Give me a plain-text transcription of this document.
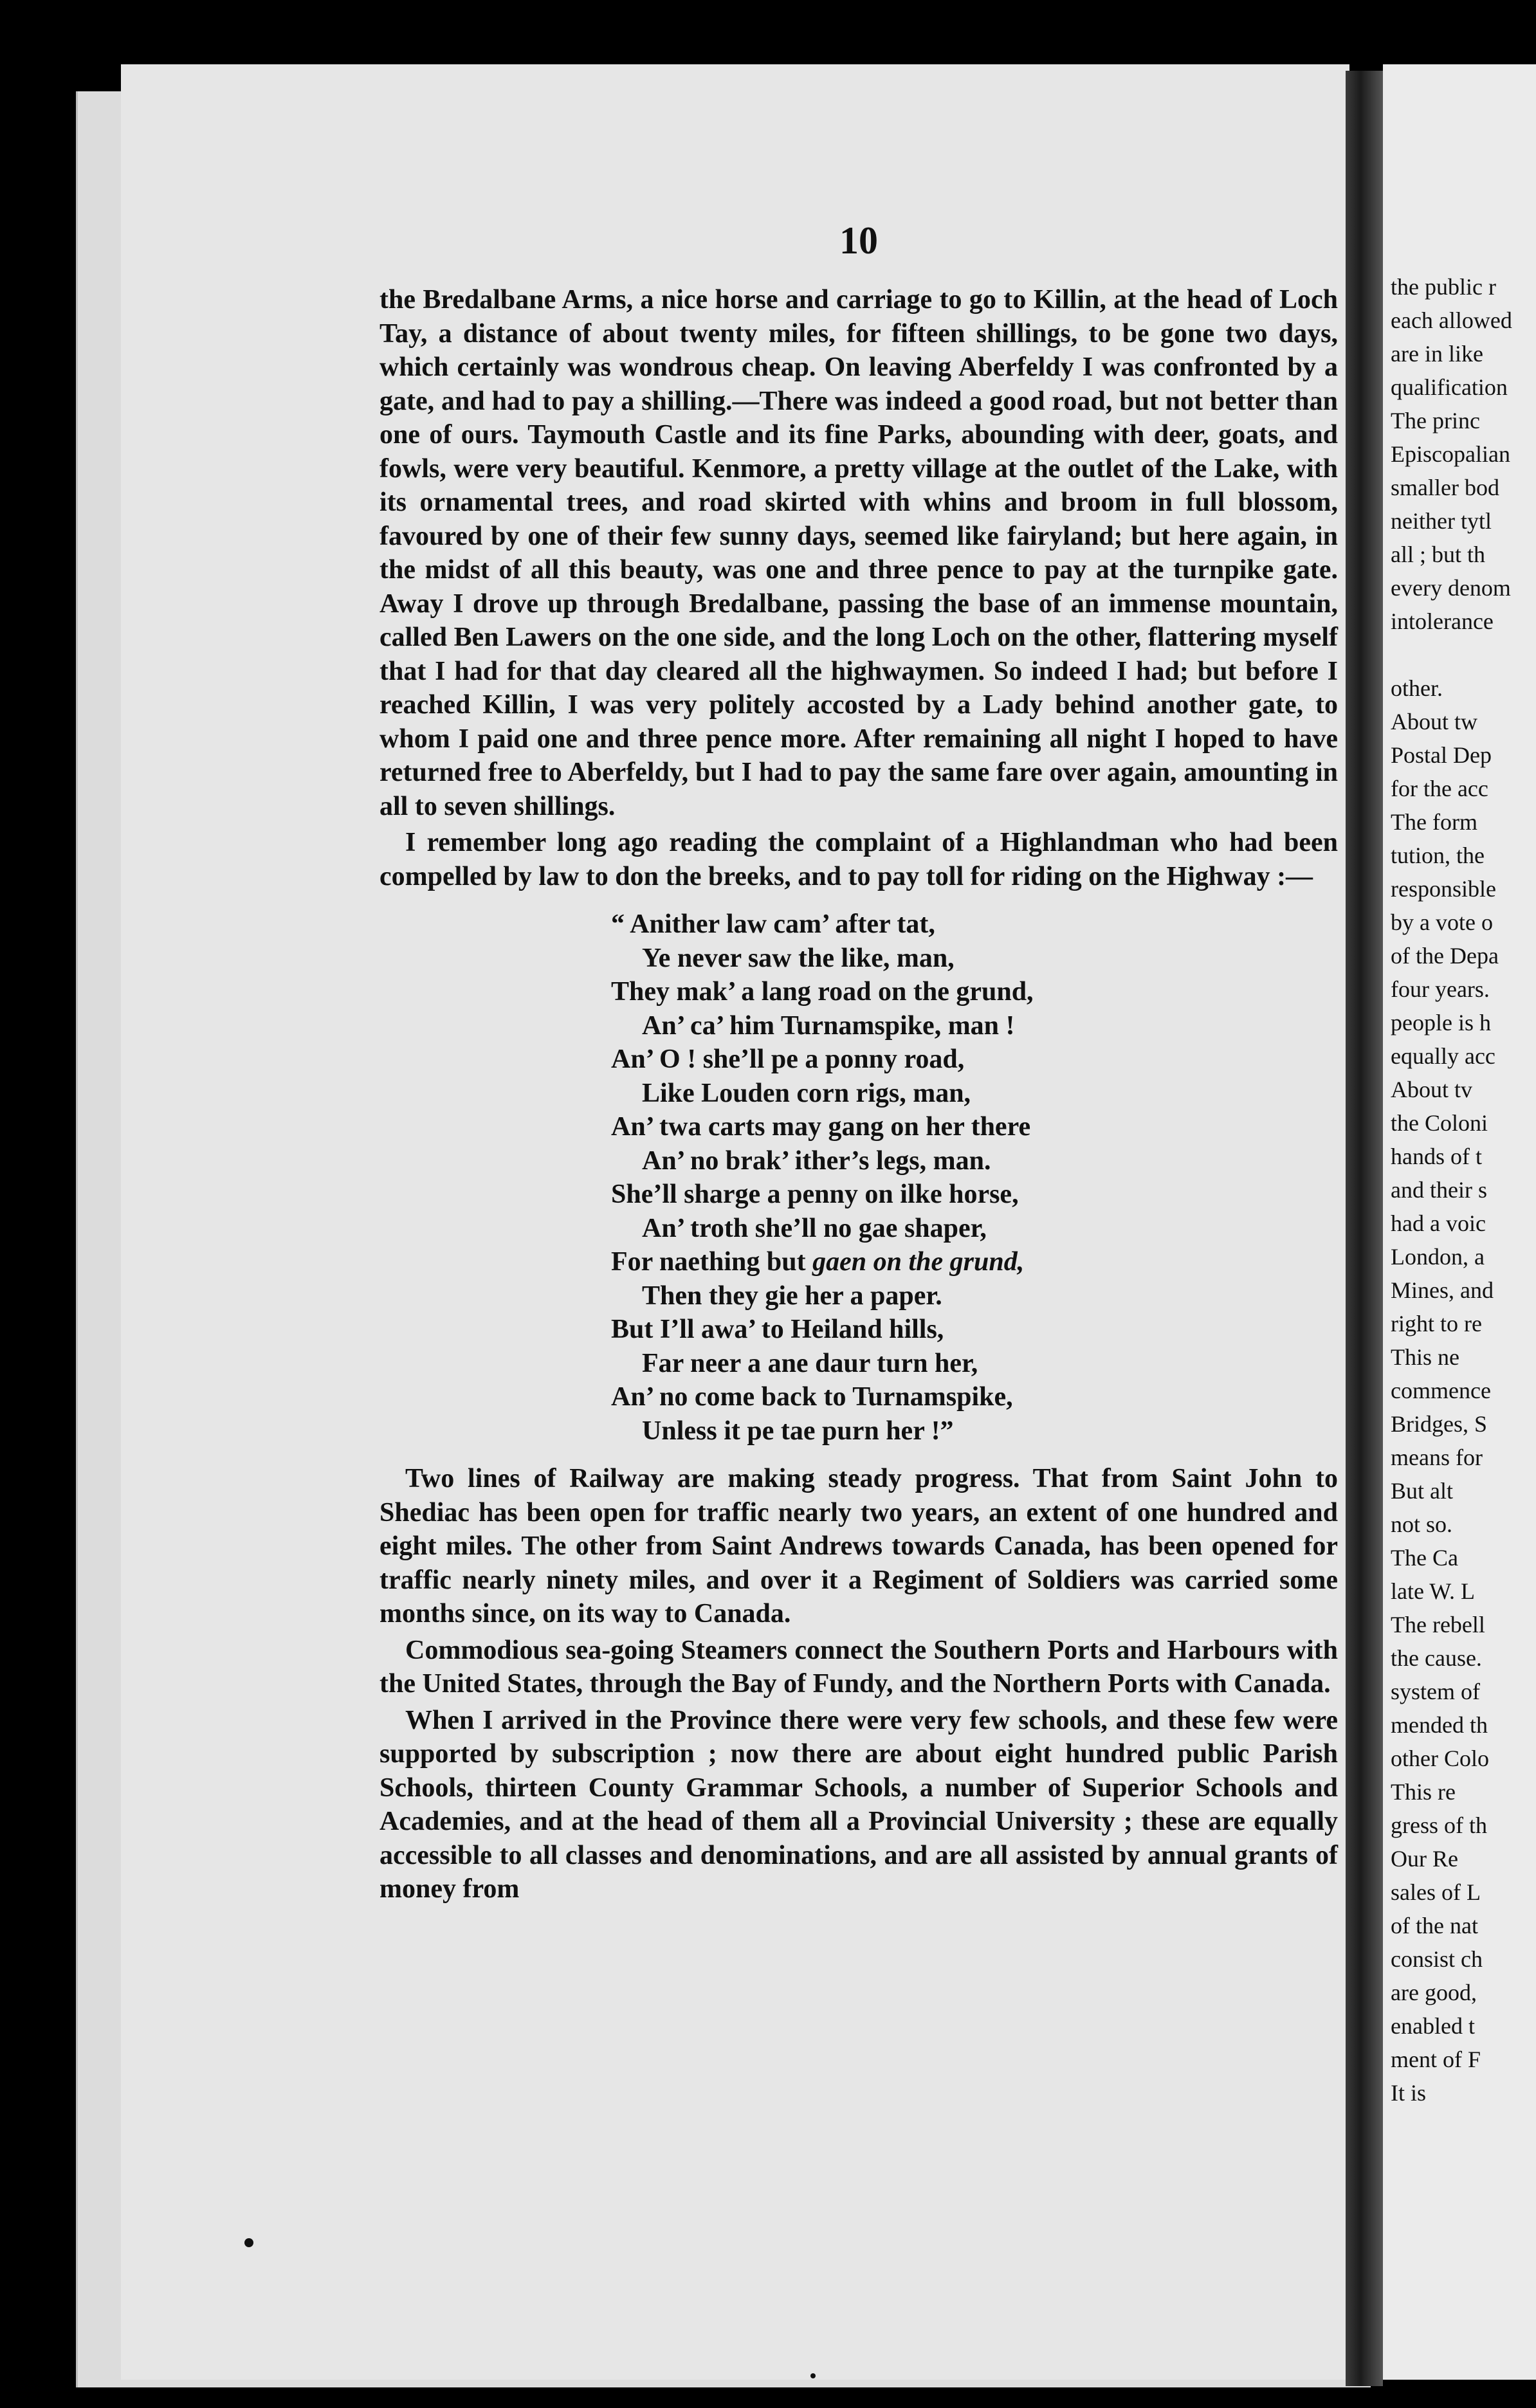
10

the Bredalbane Arms, a nice horse and carriage to go to Killin, at the head of Loch Tay, a distance of about twenty miles, for fifteen shillings, to be gone two days, which certainly was wondrous cheap. On leaving Aberfeldy I was confronted by a gate, and had to pay a shilling.—There was indeed a good road, but not better than one of ours. Taymouth Castle and its fine Parks, abounding with deer, goats, and fowls, were very beautiful. Kenmore, a pretty village at the outlet of the Lake, with its ornamental trees, and road skirted with whins and broom in full blossom, favoured by one of their few sunny days, seemed like fairyland; but here again, in the midst of all this beauty, was one and three pence to pay at the turnpike gate. Away I drove up through Bredalbane, passing the base of an immense mountain, called Ben Lawers on the one side, and the long Loch on the other, flattering myself that I had for that day cleared all the highwaymen. So indeed I had; but before I reached Killin, I was very politely accosted by a Lady behind another gate, to whom I paid one and three pence more. After remaining all night I hoped to have returned free to Aberfeldy, but I had to pay the same fare over again, amounting in all to seven shillings.

I remember long ago reading the complaint of a Highlandman who had been compelled by law to don the breeks, and to pay toll for riding on the Highway :—

“ Anither law cam’ after tat,
Ye never saw the like, man,
They mak’ a lang road on the grund,
An’ ca’ him Turnamspike, man !
An’ O ! she’ll pe a ponny road,
Like Louden corn rigs, man,
An’ twa carts may gang on her there
An’ no brak’ ither’s legs, man.
She’ll sharge a penny on ilke horse,
An’ troth she’ll no gae shaper,
For naething but gaen on the grund,
Then they gie her a paper.
But I’ll awa’ to Heiland hills,
Far neer a ane daur turn her,
An’ no come back to Turnamspike,
Unless it pe tae purn her !”

Two lines of Railway are making steady progress. That from Saint John to Shediac has been open for traffic nearly two years, an extent of one hundred and eight miles. The other from Saint Andrews towards Canada, has been opened for traffic nearly ninety miles, and over it a Regiment of Soldiers was carried some months since, on its way to Canada.

Commodious sea-going Steamers connect the Southern Ports and Harbours with the United States, through the Bay of Fundy, and the Northern Ports with Canada.

When I arrived in the Province there were very few schools, and these few were supported by subscription ; now there are about eight hundred public Parish Schools, thirteen County Grammar Schools, a number of Superior Schools and Academies, and at the head of them all a Provincial University ; these are equally accessible to all classes and denominations, and are all assisted by annual grants of money from

the public r
each allowed
are in like
qualification
The princ
Episcopalian
smaller bod
neither tytl
all ; but th
every denom
intolerance
other.
About tw
Postal Dep
for the acc
The form
tution, the
responsible
by a vote o
of the Depa
four years.
people is h
equally acc
About tv
the Coloni
hands of t
and their s
had a voic
London, a
Mines, and
right to re
This ne
commence
Bridges, S
means for
But alt
not so.
The Ca
late W. L
The rebell
the cause.
system of
mended th
other Colo
This re
gress of th
Our Re
sales of L
of the nat
consist ch
are good,
enabled t
ment of F
It is
